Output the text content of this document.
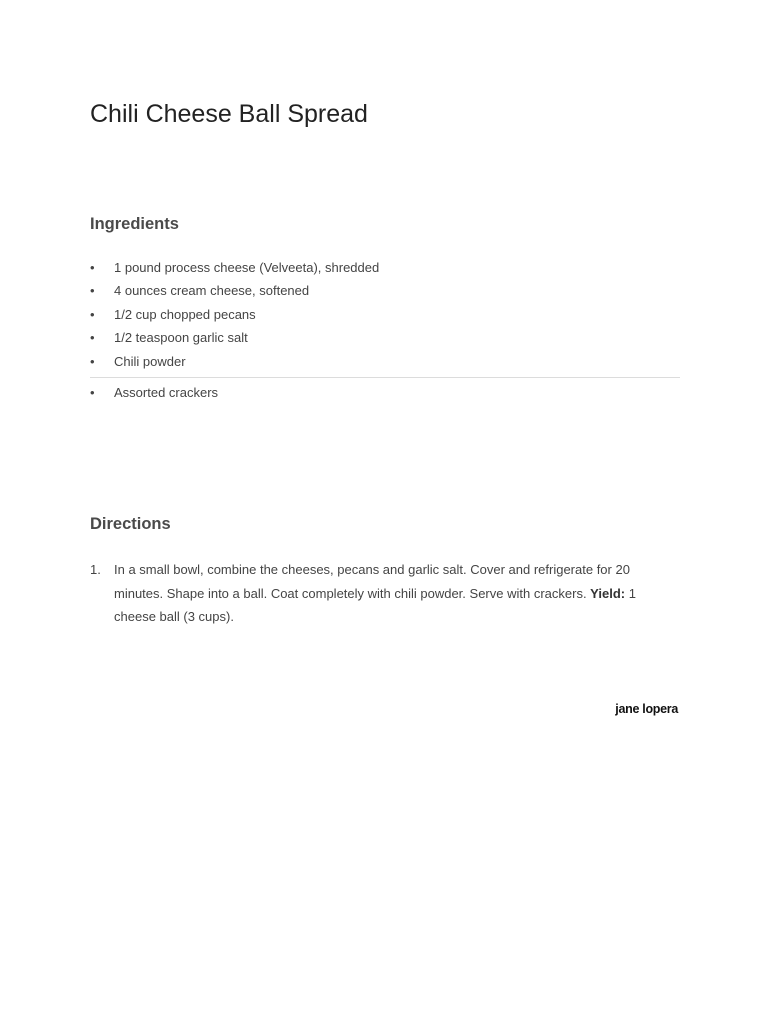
Chili Cheese Ball Spread
Ingredients
• 1 pound process cheese (Velveeta), shredded
• 4 ounces cream cheese, softened
• 1/2 cup chopped pecans
• 1/2 teaspoon garlic salt
• Chili powder
• Assorted crackers
Directions
1. In a small bowl, combine the cheeses, pecans and garlic salt. Cover and refrigerate for 20 minutes. Shape into a ball. Coat completely with chili powder. Serve with crackers. Yield: 1 cheese ball (3 cups).
jane lopera
